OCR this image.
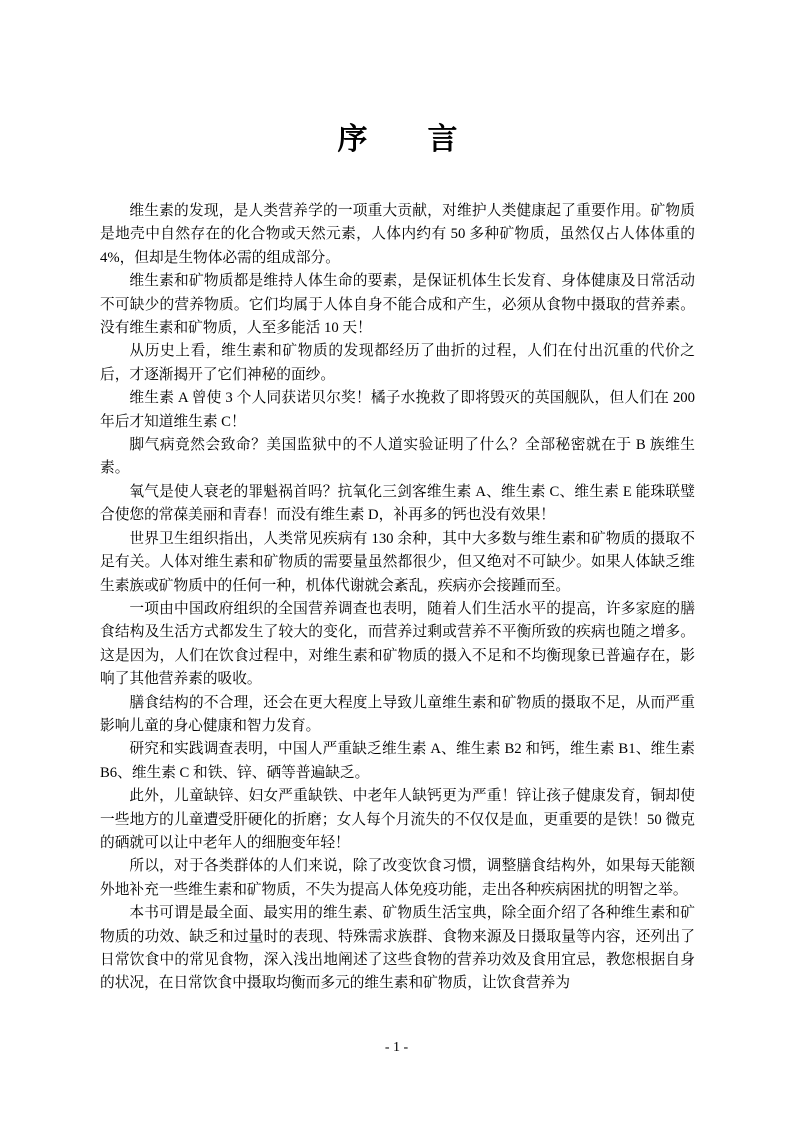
序　　言

维生素的发现，是人类营养学的一项重大贡献，对维护人类健康起了重要作用。矿物质是地壳中自然存在的化合物或天然元素，人体内约有 50 多种矿物质，虽然仅占人体体重的 4%，但却是生物体必需的组成部分。

维生素和矿物质都是维持人体生命的要素，是保证机体生长发育、身体健康及日常活动不可缺少的营养物质。它们均属于人体自身不能合成和产生，必须从食物中摄取的营养素。没有维生素和矿物质，人至多能活 10 天！

从历史上看，维生素和矿物质的发现都经历了曲折的过程，人们在付出沉重的代价之后，才逐渐揭开了它们神秘的面纱。

维生素 A 曾使 3 个人同获诺贝尔奖！橘子水挽救了即将毁灭的英国舰队，但人们在 200 年后才知道维生素 C！

脚气病竟然会致命？美国监狱中的不人道实验证明了什么？全部秘密就在于 B 族维生素。

氧气是使人衰老的罪魁祸首吗？抗氧化三剑客维生素 A、维生素 C、维生素 E 能珠联璧合使您的常葆美丽和青春！而没有维生素 D，补再多的钙也没有效果！

世界卫生组织指出，人类常见疾病有 130 余种，其中大多数与维生素和矿物质的摄取不足有关。人体对维生素和矿物质的需要量虽然都很少，但又绝对不可缺少。如果人体缺乏维生素族或矿物质中的任何一种，机体代谢就会紊乱，疾病亦会接踵而至。

一项由中国政府组织的全国营养调查也表明，随着人们生活水平的提高，许多家庭的膳食结构及生活方式都发生了较大的变化，而营养过剩或营养不平衡所致的疾病也随之增多。这是因为，人们在饮食过程中，对维生素和矿物质的摄入不足和不均衡现象已普遍存在，影响了其他营养素的吸收。

膳食结构的不合理，还会在更大程度上导致儿童维生素和矿物质的摄取不足，从而严重影响儿童的身心健康和智力发育。

研究和实践调查表明，中国人严重缺乏维生素 A、维生素 B2 和钙，维生素 B1、维生素 B6、维生素 C 和铁、锌、硒等普遍缺乏。

此外，儿童缺锌、妇女严重缺铁、中老年人缺钙更为严重！锌让孩子健康发育，铜却使一些地方的儿童遭受肝硬化的折磨；女人每个月流失的不仅仅是血，更重要的是铁！50 微克的硒就可以让中老年人的细胞变年轻！

所以，对于各类群体的人们来说，除了改变饮食习惯，调整膳食结构外，如果每天能额外地补充一些维生素和矿物质，不失为提高人体免疫功能，走出各种疾病困扰的明智之举。

本书可谓是最全面、最实用的维生素、矿物质生活宝典，除全面介绍了各种维生素和矿物质的功效、缺乏和过量时的表现、特殊需求族群、食物来源及日摄取量等内容，还列出了日常饮食中的常见食物，深入浅出地阐述了这些食物的营养功效及食用宜忌，教您根据自身的状况，在日常饮食中摄取均衡而多元的维生素和矿物质，让饮食营养为

- 1 -
